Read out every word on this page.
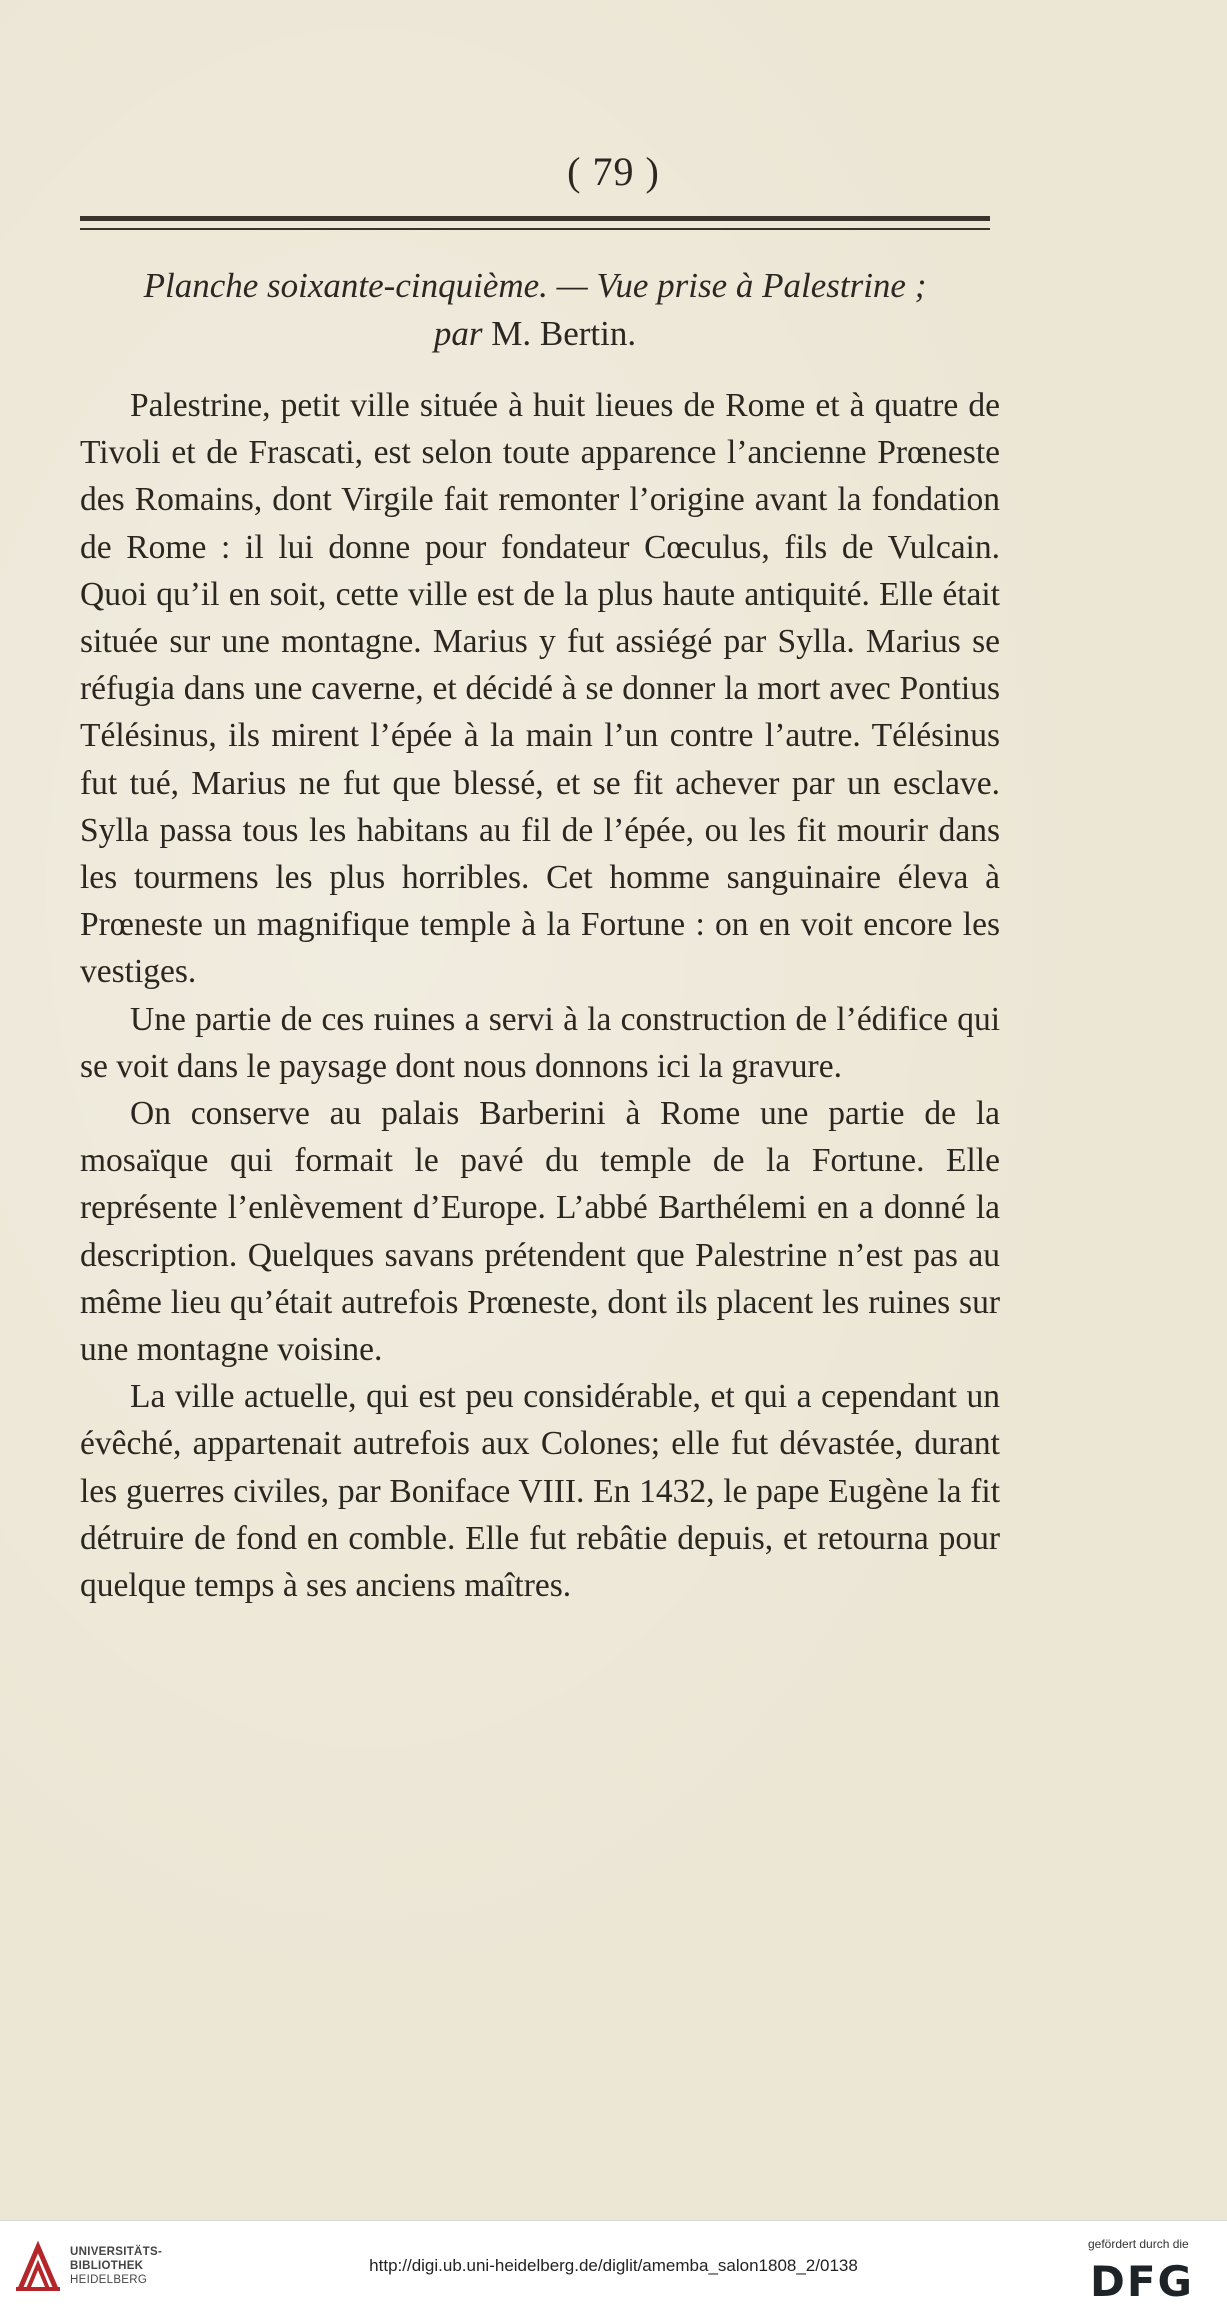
( 79 )
Planche soixante-cinquième. — Vue prise à Palestrine ;
par M. Bertin.

Palestrine, petit ville située à huit lieues de Rome et à quatre de Tivoli et de Frascati, est selon toute apparence l’ancienne Prœneste des Romains, dont Virgile fait remonter l’origine avant la fondation de Rome : il lui donne pour fondateur Cœculus, fils de Vulcain. Quoi qu’il en soit, cette ville est de la plus haute antiquité. Elle était située sur une montagne. Marius y fut assiégé par Sylla. Marius se réfugia dans une caverne, et décidé à se donner la mort avec Pontius Télésinus, ils mirent l’épée à la main l’un contre l’autre. Télésinus fut tué, Marius ne fut que blessé, et se fit achever par un esclave. Sylla passa tous les habitans au fil de l’épée, ou les fit mourir dans les tourmens les plus horribles. Cet homme sanguinaire éleva à Prœneste un magnifique temple à la Fortune : on en voit encore les vestiges.

Une partie de ces ruines a servi à la construction de l’édifice qui se voit dans le paysage dont nous donnons ici la gravure.

On conserve au palais Barberini à Rome une partie de la mosaïque qui formait le pavé du temple de la Fortune. Elle représente l’enlèvement d’Europe. L’abbé Barthélemi en a donné la description. Quelques savans prétendent que Palestrine n’est pas au même lieu qu’était autrefois Prœneste, dont ils placent les ruines sur une montagne voisine.

La ville actuelle, qui est peu considérable, et qui a cependant un évêché, appartenait autrefois aux Colones; elle fut dévastée, durant les guerres civiles, par Boniface VIII. En 1432, le pape Eugène la fit détruire de fond en comble. Elle fut rebâtie depuis, et retourna pour quelque temps à ses anciens maîtres.

UNIVERSITÄTS-
BIBLIOTHEK
HEIDELBERG
http://digi.ub.uni-heidelberg.de/diglit/amemba_salon1808_2/0138
gefördert durch die
DFG
